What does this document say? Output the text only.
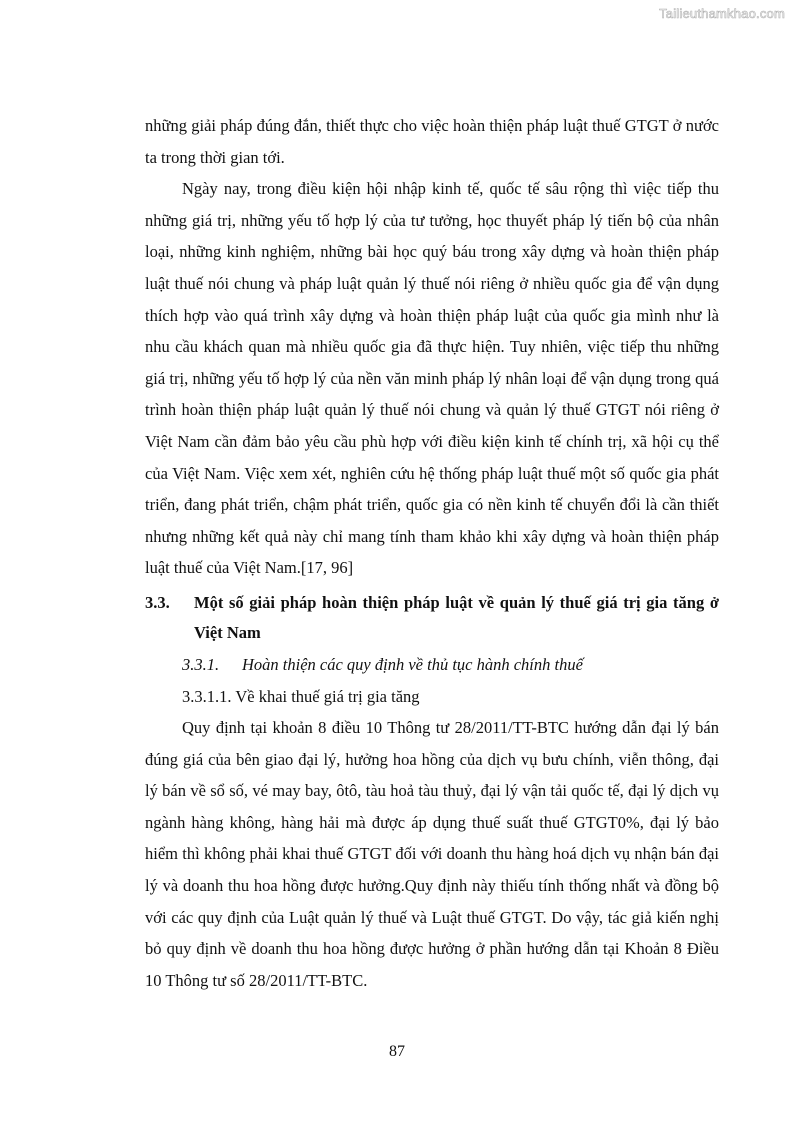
Tailieuthamkhao.com

những giải pháp đúng đắn, thiết thực cho việc hoàn thiện pháp luật thuế GTGT ở nước ta trong thời gian tới.

Ngày nay, trong điều kiện hội nhập kinh tế, quốc tế sâu rộng thì việc tiếp thu những giá trị, những yếu tố hợp lý của tư tưởng, học thuyết pháp lý tiến bộ của nhân loại, những kinh nghiệm, những bài học quý báu trong xây dựng và hoàn thiện pháp luật thuế nói chung và pháp luật quản lý thuế nói riêng ở nhiều quốc gia để vận dụng thích hợp vào quá trình xây dựng và hoàn thiện pháp luật của quốc gia mình như là nhu cầu khách quan mà nhiều quốc gia đã thực hiện. Tuy nhiên, việc tiếp thu những giá trị, những yếu tố hợp lý của nền văn minh pháp lý nhân loại để vận dụng trong quá trình hoàn thiện pháp luật quản lý thuế nói chung và quản lý thuế GTGT nói riêng ở Việt Nam cần đảm bảo yêu cầu phù hợp với điều kiện kinh tế chính trị, xã hội cụ thể của Việt Nam. Việc xem xét, nghiên cứu hệ thống pháp luật thuế một số quốc gia phát triển, đang phát triển, chậm phát triển, quốc gia có nền kinh tế chuyển đổi là cần thiết nhưng những kết quả này chỉ mang tính tham khảo khi xây dựng và hoàn thiện pháp luật thuế của Việt Nam.[17, 96]

3.3.	Một số giải pháp hoàn thiện pháp luật về quản lý thuế giá trị gia tăng ở Việt Nam
3.3.1. Hoàn thiện các quy định về thủ tục hành chính thuế
3.3.1.1. Về khai thuế giá trị gia tăng

Quy định tại khoản 8 điều 10 Thông tư 28/2011/TT-BTC hướng dẫn đại lý bán đúng giá của bên giao đại lý, hưởng hoa hồng của dịch vụ bưu chính, viễn thông, đại lý bán về sổ số, vé may bay, ôtô, tàu hoả tàu thuỷ, đại lý vận tải quốc tế, đại lý dịch vụ ngành hàng không, hàng hải mà được áp dụng thuế suất thuế GTGT0%, đại lý bảo hiểm thì không phải khai thuế GTGT đối với doanh thu hàng hoá dịch vụ nhận bán đại lý và doanh thu hoa hồng được hưởng.Quy định này thiếu tính thống nhất và đồng bộ với các quy định của Luật quản lý thuế và Luật thuế GTGT. Do vậy, tác giả kiến nghị bỏ quy định về doanh thu hoa hồng được hưởng ở phần hướng dẫn tại Khoản 8 Điều 10 Thông tư số 28/2011/TT-BTC.

87
